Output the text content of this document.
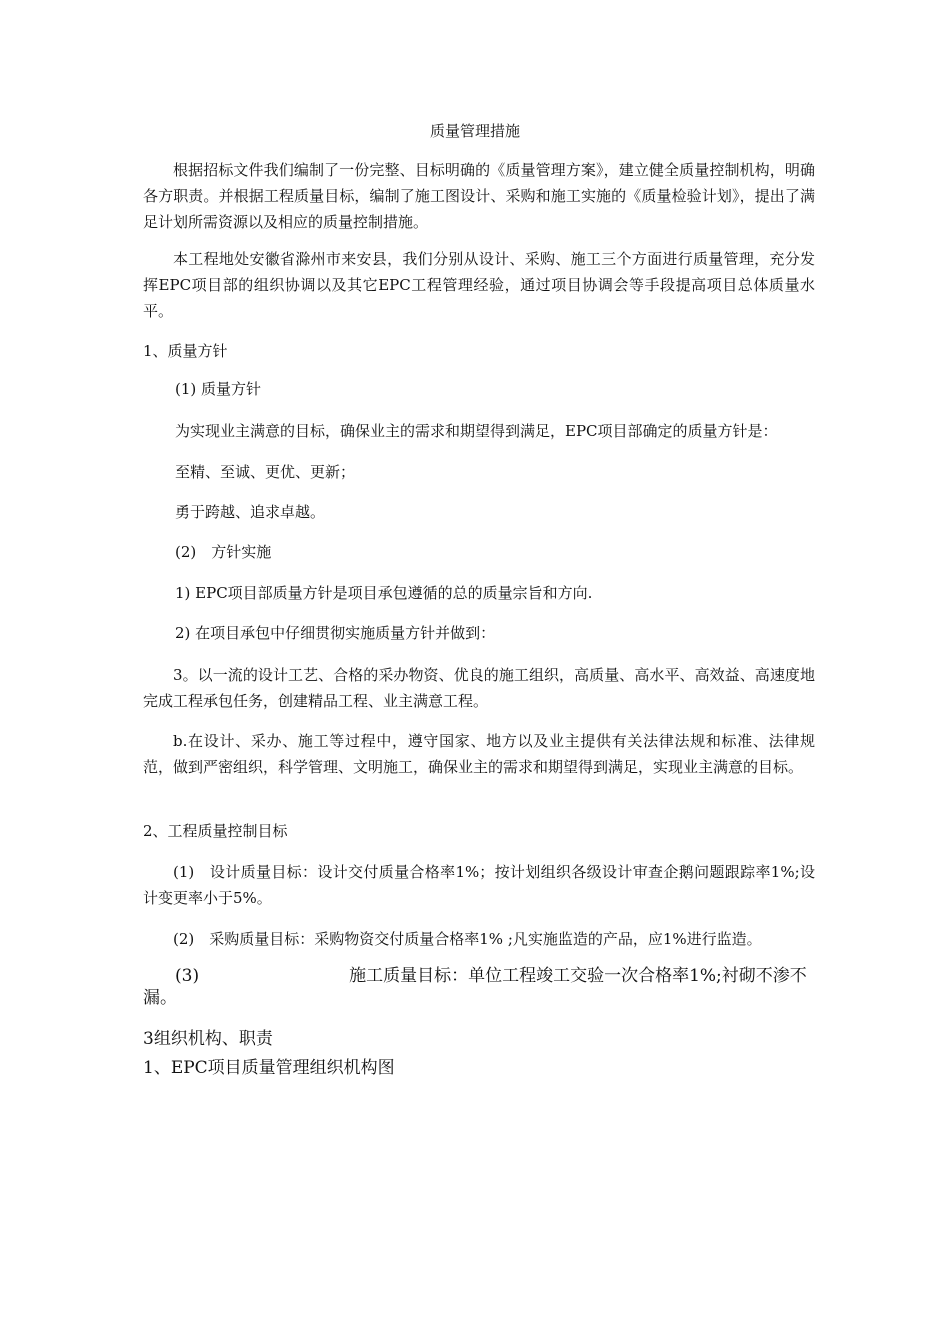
质量管理措施
根据招标文件我们编制了一份完整、目标明确的《质量管理方案》，建立健全质量控制机构，明确各方职责。并根据工程质量目标，编制了施工图设计、采购和施工实施的《质量检验计划》，提出了满足计划所需资源以及相应的质量控制措施。
本工程地处安徽省滁州市来安县，我们分别从设计、采购、施工三个方面进行质量管理，充分发挥EPC项目部的组织协调以及其它EPC工程管理经验，通过项目协调会等手段提高项目总体质量水平。
1、质量方针
(1) 质量方针
为实现业主满意的目标，确保业主的需求和期望得到满足，EPC项目部确定的质量方针是：
至精、至诚、更优、更新；
勇于跨越、追求卓越。
(2)　方针实施
1) EPC项目部质量方针是项目承包遵循的总的质量宗旨和方向.
2) 在项目承包中仔细贯彻实施质量方针并做到：
3。以一流的设计工艺、合格的采办物资、优良的施工组织，高质量、高水平、高效益、高速度地完成工程承包任务，创建精品工程、业主满意工程。
b.在设计、采办、施工等过程中，遵守国家、地方以及业主提供有关法律法规和标准、法律规范，做到严密组织，科学管理、文明施工，确保业主的需求和期望得到满足，实现业主满意的目标。
2、工程质量控制目标
(1)　设计质量目标：设计交付质量合格率1%；按计划组织各级设计审查企鹅问题跟踪率1%;设计变更率小于5%。
(2)　采购质量目标：采购物资交付质量合格率1% ;凡实施监造的产品，应1%进行监造。
(3)	施工质量目标：单位工程竣工交验一次合格率1%;衬砌不渗不漏。
3组织机构、职责
1、EPC项目质量管理组织机构图
